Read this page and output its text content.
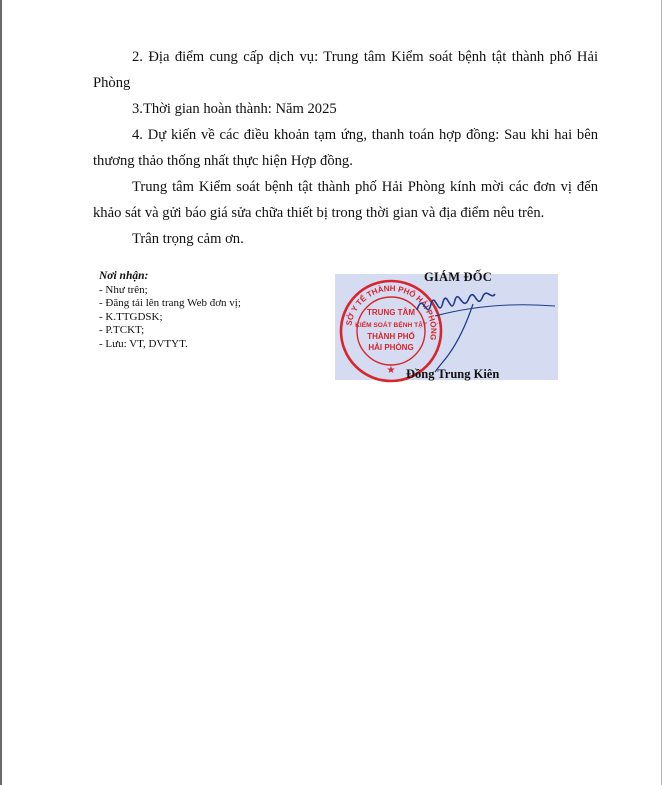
2. Địa điểm cung cấp dịch vụ: Trung tâm Kiểm soát bệnh tật thành phố Hải Phòng

3.Thời gian hoàn thành: Năm 2025

4. Dự kiến về các điều khoản tạm ứng, thanh toán hợp đồng: Sau khi hai bên thương thảo thống nhất thực hiện Hợp đồng.

Trung tâm Kiểm soát bệnh tật thành phố Hải Phòng kính mời các đơn vị đến khảo sát và gửi báo giá sửa chữa thiết bị trong thời gian và địa điểm nêu trên.

Trân trọng cảm ơn.

Nơi nhận:
- Như trên;
- Đăng tải lên trang Web đơn vị;
- K.TTGDSK;
- P.TCKT;
- Lưu: VT, DVTYT.
SỞ Y TẾ THÀNH PHỐ HẢI PHÒNG
TRUNG TÂM
KIỂM SOÁT BỆNH TẬT
THÀNH PHỐ
HẢI PHÒNG
★
GIÁM ĐỐC
Đồng Trung Kiên
